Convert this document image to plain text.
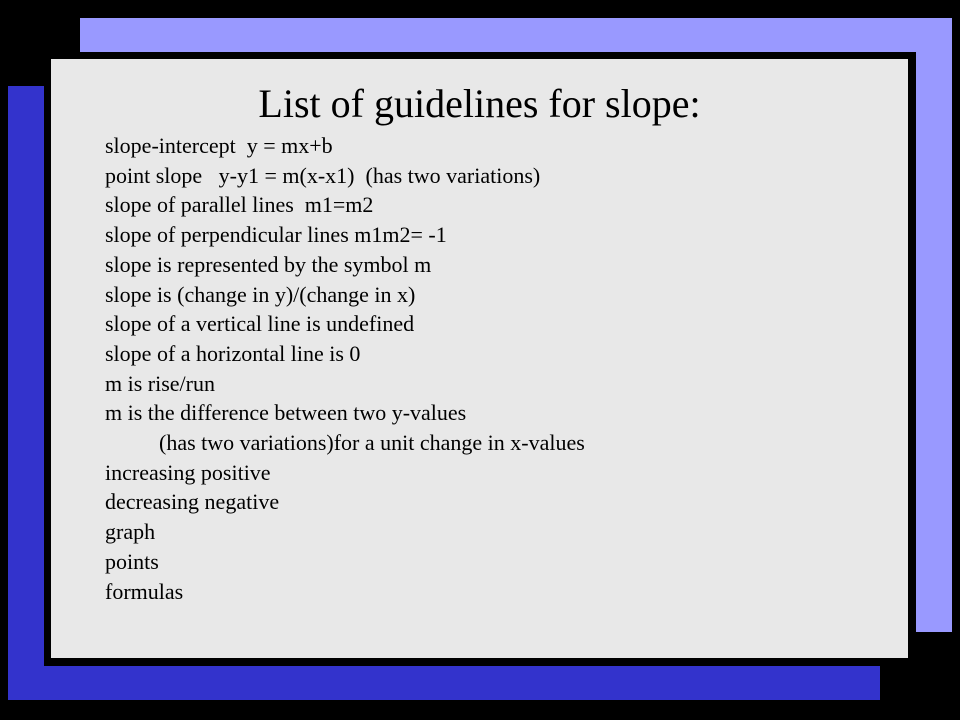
List of guidelines for slope:
slope-intercept  y = mx+b
point slope   y-y1 = m(x-x1)  (has two variations)
slope of parallel lines  m1=m2
slope of perpendicular lines m1m2= -1
slope is represented by the symbol m
slope is (change in y)/(change in x)
slope of a vertical line is undefined
slope of a horizontal line is 0
m is rise/run
m is the difference between two y-values
(has two variations)for a unit change in x-values
increasing positive
decreasing negative
graph
points
formulas
